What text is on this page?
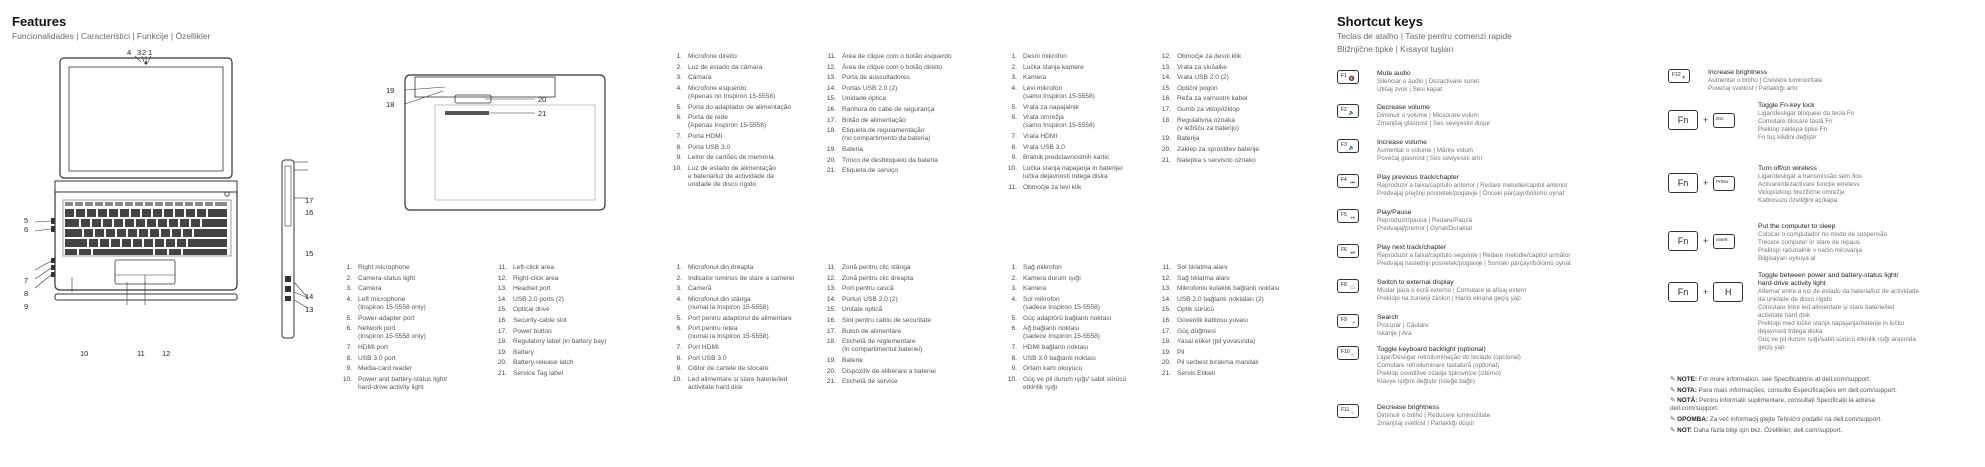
Features
Funcionalidades | Caracteristici | Funkcije | Özellikler
4 3 2 1
5
6
7
8
9
10	11 12
17
16
15
14
13
19
18
20
21
1. Microfone direito
2. Luz de estado da câmara
3. Câmara
4. Microfone esquerdo
(Apenas no Inspiron 15-5558)
5. Porta do adaptador de alimentação
6. Porta de rede
(Apenas Inspiron 15-5558)
7. Porta HDMI
8. Porta USB 3.0
9. Leitor de cartões de memória
10. Luz de estado de alimentação
e bateria/luz de actividade da
unidade de disco rígido
11. Área de clique com o botão esquerdo
12. Área de clique com o botão direito
13. Porta de auscultadores
14. Portas USB 2.0 (2)
15. Unidade óptica
16. Ranhura do cabo de segurança
17. Botão de alimentação
18. Etiqueta de regulamentação
(no compartimento da bateria)
19. Bateria
20. Trinco de desbloqueio da bateria
21. Etiqueta de serviço
1. Desni mikrofon
2. Lučka stanja kamere
3. Kamera
4. Levi mikrofon
(samo Inspiron 15-5558)
5. Vrata za napajalnik
6. Vrata omrežja
(samo Inspiron 15-5558)
7. Vrata HDMI
8. Vrata USB 3.0
9. Bralnik predstavnostnih kartic
10. Lučka stanja napajanja in baterije/
lučka dejavnosti trdega diska
11. Območje za levi klik
12. Območje za desni klik
13. Vrata za slušalke
14. Vrata USB 2.0 (2)
15. Optični pogon
16. Reža za varnostni kabel
17. Gumb za vklop/izklop
18. Regulativna oznaka
(v ležišču za baterijo)
19. Baterija
20. Zaklep za sprostitev baterije
21. Nalepka s servisno oznako
1. Right microphone
2. Camera-status light
3. Camera
4. Left microphone
(Inspiron 15-5558 only)
5. Power-adapter port
6. Network port
(Inspiron 15-5558 only)
7. HDMI port
8. USB 3.0 port
9. Media-card reader
10. Power and battery-status light/
hard-drive activity light
11. Left-click area
12. Right-click area
13. Headset port
14. USB 2.0 ports (2)
15. Optical drive
16. Security-cable slot
17. Power button
18. Regulatory label (in battery bay)
19. Battery
20. Battery-release latch
21. Service Tag label
1. Microfonul din dreapta
2. Indicator luminos de stare a camerei
3. Cameră
4. Microfonul din stânga
(numai la Inspiron 15-5558)
5. Port pentru adaptorul de alimentare
6. Port pentru rețea
(numai la Inspiron 15-5558)
7. Port HDMI
8. Port USB 3.0
9. Cititor de cartele de stocare
10. Led alimentare și stare baterie/led
activitate hard disk
11. Zonă pentru clic stânga
12. Zonă pentru clic dreapta
13. Port pentru cască
14. Porturi USB 2.0 (2)
15. Unitate optică
16. Slot pentru cablu de securitate
17. Buton de alimentare
18. Etichetă de reglementare
(în compartimentul bateriei)
19. Baterie
20. Dispozitiv de eliberare a bateriei
21. Etichetă de service
1. Sağ mikrofon
2. Kamera durum ışığı
3. Kamera
4. Sol mikrofon
(sadece Inspiron 15-5558)
5. Güç adaptörü bağlantı noktası
6. Ağ bağlantı noktası
(sadece Inspiron 15-5558)
7. HDMI bağlantı noktası
8. USB 3.0 bağlantı noktası
9. Ortam kartı okuyucu
10. Güç ve pil durum ışığı/ sabit sürücü
etkinlik ışığı
11. Sol tıklatma alanı
12. Sağ tıklatma alanı
13. Mikrofonlu kulaklık bağlantı noktası
14. USB 2.0 bağlantı noktaları (2)
15. Optik sürücü
16. Güvenlik kablosu yuvası
17. Güç düğmesi
18. Yasal etiket (pil yuvasında)
19. Pil
20. Pil serbest bırakma mandalı
21. Servis Etiketi
Shortcut keys
Teclas de atalho | Taste pentru comenzi rapide
Bližnjične tipke | Kısayol tuşları
F1 🔇
Mute audio
Silenciar o áudio | Dezactivare sunet
Utišaj zvok | Sesi kapat
F2 🔉
Decrease volume
Diminuir o volume | Micșorare volum
Zmanjšaj glasnost | Ses seviyesini duşur
F3 🔊
Increase volume
Aumentar o volume | Mărire volum
Povečaj glasnost | Ses seviyesini artır
F4 ⏮
Play previous track/chapter
Reproduzir a faixa/capítulo anterior | Redare melodie/capitol anterior
Predvajaj prejšnji posnetek/poglavje | Önceki parçayı/bölümü oynat
F5 ⏯
Play/Pause
Reproduzir/pausa | Redare/Pauză
Predvajaj/premor | Oynat/Duraklat
F6 ⏭
Play next track/chapter
Reproduzir a faixa/capítulo seguinte | Redare melodie/capitol următor
Predvajaj naslednji posnetek/poglavje | Sonraki parçayı/bölümü oynat
F8 ▭
Switch to external display
Mudar para o ecrã externo | Comutare la afișaj extern
Preklopi na zunanji zaslon | Harici ekrana geçiş yap
F9 ⌕
Search
Procurar | Căutare
Iskanje | Ara
F10 ☼
Toggle keyboard backlight (optional)
Ligar/Desligar retroiluminação do teclado (opcional)
Comutare retroiluminare tastatură (opțional)
Preklop osvetlitve ozadja tipkovnice (izbirno)
Klavye ışığını değiştir (isteğe bağlı)
F11 ☼
Decrease brightness
Diminuir o brilho | Reducere luminozitate
Zmanjšaj svetlost | Parlaklığı düşür
F12 ☀
Increase brightness
Aumentar o brilho | Creștere luminozitate
Povečaj svetlost | Parlaklığı artır
Fn	+ Esc
Toggle Fn-key lock
Ligar/desligar bloqueio da tecla Fn
Comutare blocare tastă Fn
Preklop zaklepa tipke Fn
Fn tuş kilidini değiştir
Fn	+ PrtScr
Turn off/on wireless
Ligar/desligar a transmissão sem fios
Activare/dezactivare funcție wireless
Vklop/izklop brezžične omrežje
Kablosuzu özelliğini aç/kapa
Fn	+ Insert
Put the computer to sleep
Colocar o computador no modo de suspensão
Trecere computer în stare de repaus
Preklopi računalnik v način mirovanja
Bilgisayarı uykuya al
Fn	+	H
Toggle between power and battery-status light/
hard-drive activity light
Alternar entre a luz de estado da bateria/luz de actividade
da unidade de disco rígido
Comutare între led alimentare și stare baterie/led
activitate hard disk
Preklopi med lučko stanja napajanja/baterije in lučko
dejavnosti trdega diska
Güç ve pil durum ışığı/sabit sürücü etkinlik ışığı arasında
geçiş yap
✎ NOTE: For more information, see Specifications at dell.com/support.
✎ NOTA: Para mais informações, consulte Especificações em dell.com/support.
✎ NOTĂ: Pentru informații suplimentare, consultați Specificații la adresa
dell.com/support.
✎ OPOMBA: Za več informacij glejte Tehnični podatki na dell.com/support.
✎ NOT: Daha fazla bilgi için bkz. Özellikler, dell.com/support.
